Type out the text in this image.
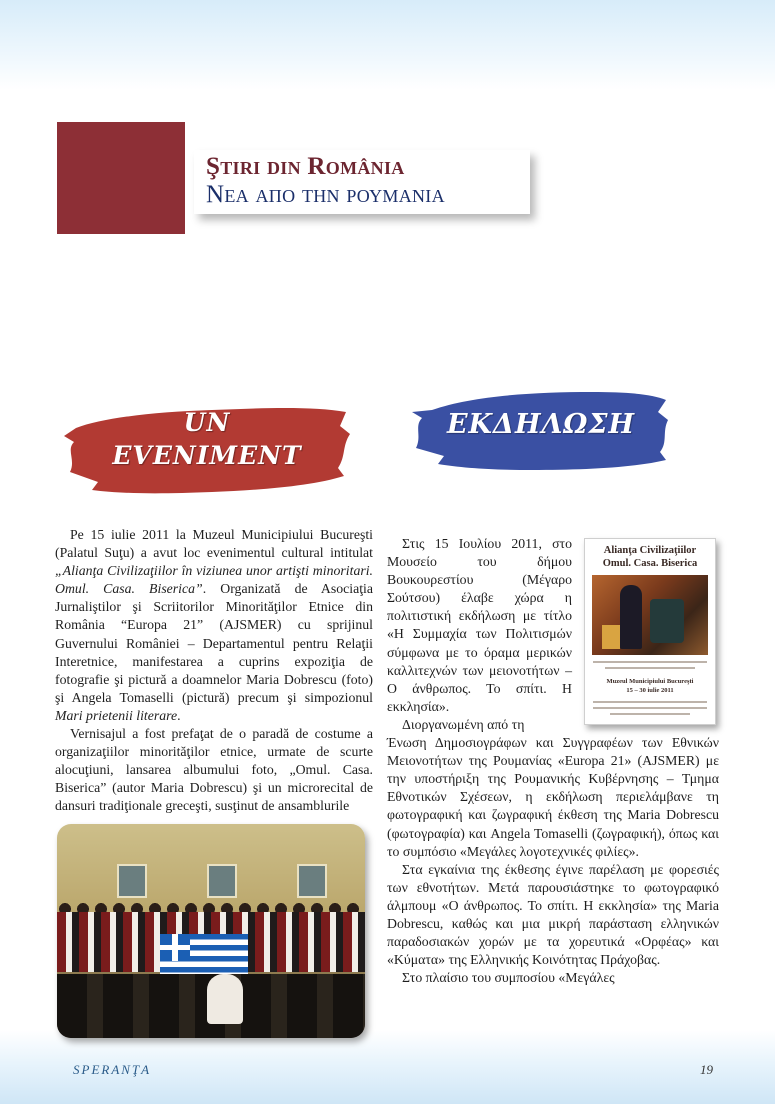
Ştiri din România
Νεα απο την ρουμανια
UN
EVENIMENT
ΕΚΔΗΛΩΣΗ

Pe 15 iulie 2011 la Muzeul Municipiului Bucureşti (Palatul Suţu) a avut loc evenimentul cultural intitulat „Alianţa Civilizaţiilor în viziunea unor artişti minoritari. Omul. Casa. Biserica”. Organizată de Asociaţia Jurnaliştilor şi Scriitorilor Minorităţilor Etnice din România “Europa 21” (AJSMER) cu sprijinul Guvernului României – Departamentul pentru Relaţii Interetnice, manifestarea a cuprins expoziţia de fotografie şi pictură a doamnelor Maria Dobrescu (foto) şi Angela Tomaselli (pictură) precum şi simpozionul Mari prietenii literare.

Vernisajul a fost prefaţat de o paradă de costume a organizaţiilor minorităţilor etnice, urmate de scurte alocuţiuni, lansarea albumului foto, „Omul. Casa. Biserica” (autor Maria Dobrescu) şi un microrecital de dansuri tradiţionale greceşti, susţinut de ansamblurile

Στις 15 Ιουλίου 2011, στο Μουσείο του δήμου Βουκουρεστίου (Μέγαρο Σούτσου) έλαβε χώρα η πολιτιστική εκδήλωση με τίτλο «Η Συμμαχία των Πολιτισμών σύμφωνα με το όραμα μερικών καλλιτεχνών των μειονοτήτων – Ο άνθρωπος. Το σπίτι. Η εκκλησία».

Διοργανωμένη από τη

Ένωση Δημοσιογράφων και Συγγραφέων των Εθνικών Μειονοτήτων της Ρουμανίας «Europa 21» (AJSMER) με την υποστήριξη της Ρουμανικής Κυβέρνησης – Τμημα Εθνοτικών Σχέσεων, η εκδήλωση περιελάμβανε τη φωτογραφική και ζωγραφική έκθεση της Maria Dobrescu (φωτογραφία) και Angela Tomaselli (ζωγραφική), όπως και το συμπόσιο «Μεγάλες λογοτεχνικές φιλίες».

Στα εγκαίνια της έκθεσης έγινε παρέλαση με φορεσιές των εθνοτήτων. Μετά παρουσιάστηκε το φωτογραφικό άλμπουμ «Ο άνθρωπος. Το σπίτι. Η εκκλησία» της Maria Dobrescu, καθώς και μια μικρή παράσταση ελληνικών παραδοσιακών χορών με τα χορευτικά «Ορφέας» και «Κύματα» της Ελληνικής Κοινότητας Πράχοβας.

Στο πλαίσιο του συμποσίου «Μεγάλες

Alianţa Civilizaţiilor
Omul. Casa. Biserica
Muzeul Municipiului Bucureşti
15 – 30 iulie 2011
SPERANŢA	19
